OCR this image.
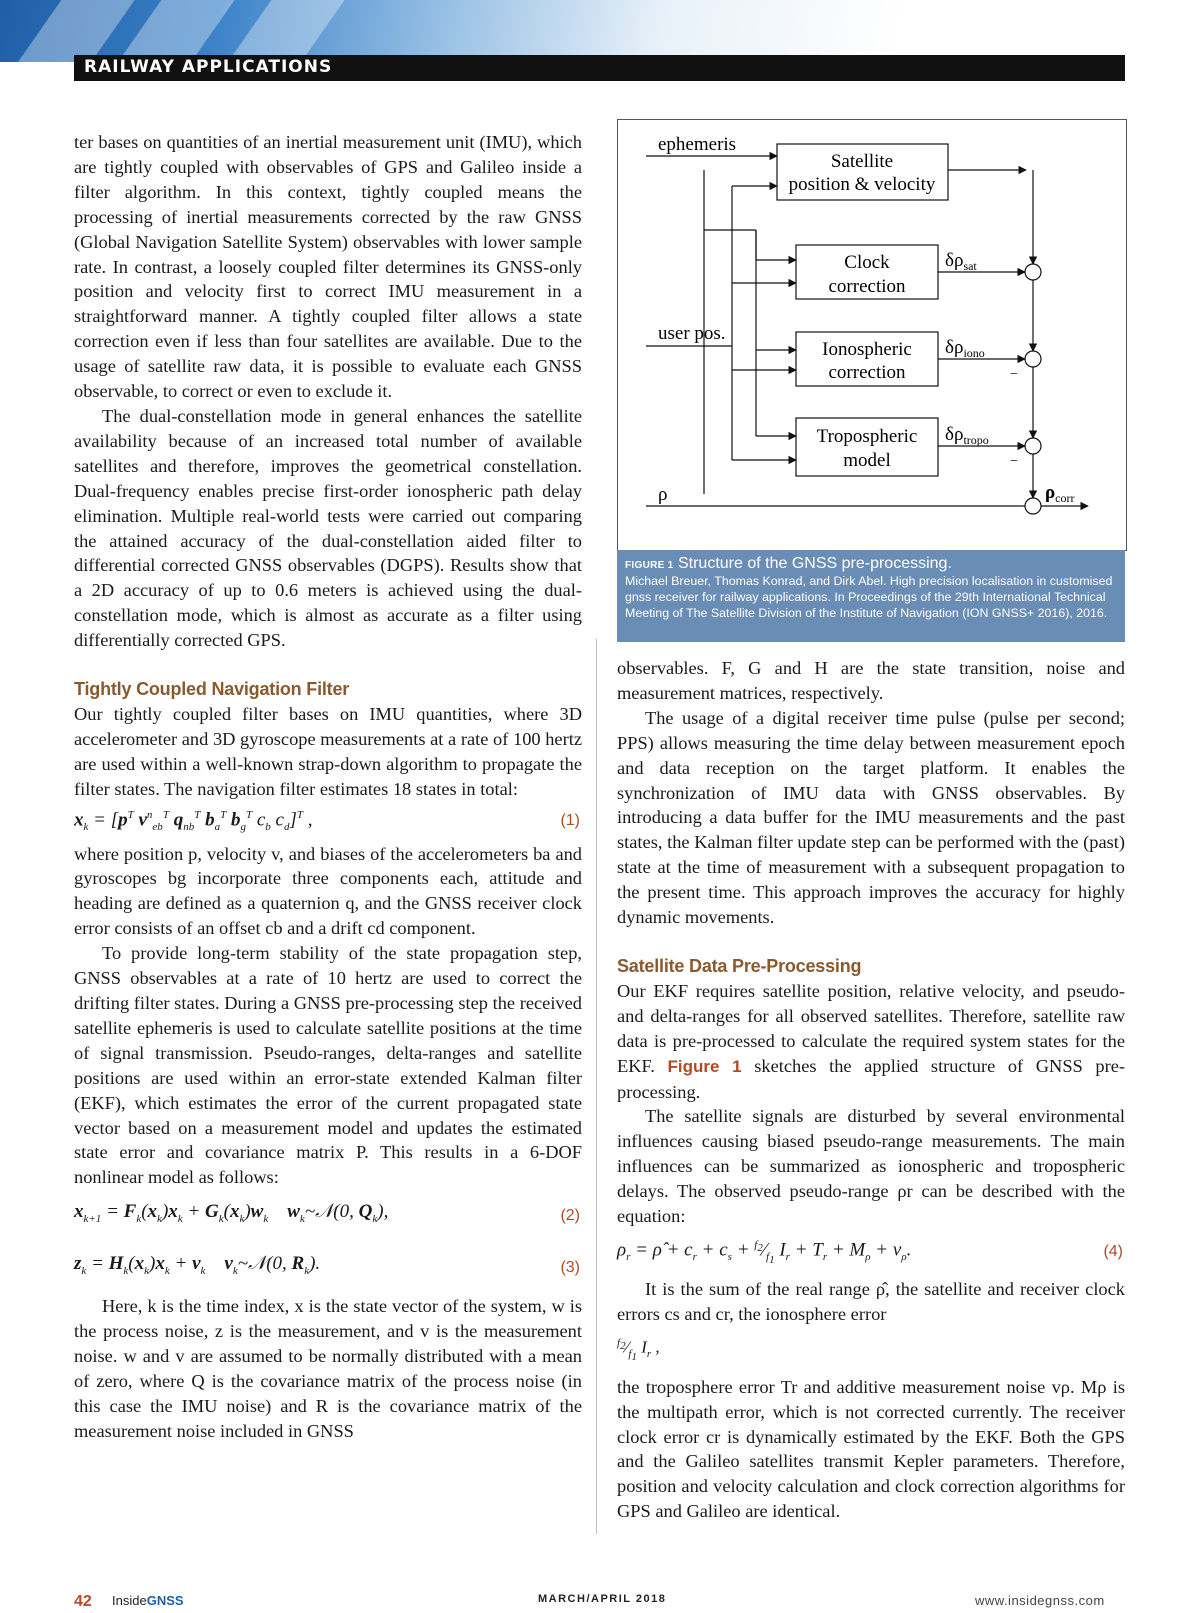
RAILWAY APPLICATIONS

ter bases on quantities of an inertial measurement unit (IMU), which are tightly coupled with observables of GPS and Galileo inside a filter algorithm. In this context, tightly coupled means the processing of inertial measurements corrected by the raw GNSS (Global Navigation Satellite System) observables with lower sample rate. In contrast, a loosely coupled filter determines its GNSS-only position and velocity first to correct IMU measurement in a straightforward manner. A tightly coupled filter allows a state correction even if less than four satellites are available. Due to the usage of satellite raw data, it is possible to evaluate each GNSS observable, to correct or even to exclude it.

The dual-constellation mode in general enhances the satellite availability because of an increased total number of available satellites and therefore, improves the geometrical constellation. Dual-frequency enables precise first-order ionospheric path delay elimination. Multiple real-world tests were carried out comparing the attained accuracy of the dual-constellation aided filter to differential corrected GNSS observables (DGPS). Results show that a 2D accuracy of up to 0.6 meters is achieved using the dual-constellation mode, which is almost as accurate as a filter using differentially corrected GPS.

Tightly Coupled Navigation Filter

Our tightly coupled filter bases on IMU quantities, where 3D accelerometer and 3D gyroscope measurements at a rate of 100 hertz are used within a well-known strap-down algorithm to propagate the filter states. The navigation filter estimates 18 states in total:

$x_k = [p^T$ $v^n_{eb}^T$ $q_{nb}^T$ $b_a^T$ $b_g^T$ $c_b$ $c_d]^T$ ,	(1)

where position p, velocity v, and biases of the accelerometers ba and gyroscopes bg incorporate three components each, attitude and heading are defined as a quaternion q, and the GNSS receiver clock error consists of an offset cb and a drift cd component.

To provide long-term stability of the state propagation step, GNSS observables at a rate of 10 hertz are used to correct the drifting filter states. During a GNSS pre-processing step the received satellite ephemeris is used to calculate satellite positions at the time of signal transmission. Pseudo-ranges, delta-ranges and satellite positions are used within an error-state extended Kalman filter (EKF), which estimates the error of the current propagated state vector based on a measurement model and updates the estimated state error and covariance matrix P. This results in a 6-DOF nonlinear model as follows:

$x_{k+1} = F_k(x_k)x_k + G_k(x_k)w_k$ $w_k\sim 𝒩(0$, $Q_k$),	(2)
$z_k = H_k(x_k)x_k + v_k$ $v_k\sim 𝒩(0$, $R_k$).	(3)

Here, k is the time index, x is the state vector of the system, w is the process noise, z is the measurement, and v is the measurement noise. w and v are assumed to be normally distributed with a mean of zero, where Q is the covariance matrix of the process noise (in this case the IMU noise) and R is the covariance matrix of the measurement noise included in GNSS

ephemeris
Satellite
position & velocity
Clock
correction
Ionospheric
correction
Tropospheric
model
user pos.
ρ
$\delta\rho_{sat}$
$\delta\rho_{iono}$
$\delta\rho_{tropo}$
−
−
$\rho_{corr}$
FIGURE 1 Structure of the GNSS pre-processing.
Michael Breuer, Thomas Konrad, and Dirk Abel. High precision localisation in customised gnss receiver for railway applications. In Proceedings of the 29th International Technical Meeting of The Satellite Division of the Institute of Navigation (ION GNSS+ 2016), 2016.

observables. F, G and H are the state transition, noise and measurement matrices, respectively.

The usage of a digital receiver time pulse (pulse per second; PPS) allows measuring the time delay between measurement epoch and data reception on the target platform. It enables the synchronization of IMU data with GNSS observables. By introducing a data buffer for the IMU measurements and the past states, the Kalman filter update step can be performed with the (past) state at the time of measurement with a subsequent propagation to the present time. This approach improves the accuracy for highly dynamic movements.

Satellite Data Pre-Processing

Our EKF requires satellite position, relative velocity, and pseudo- and delta-ranges for all observed satellites. Therefore, satellite raw data is pre-processed to calculate the required system states for the EKF. Figure 1 sketches the applied structure of GNSS pre-processing.

The satellite signals are disturbed by several environmental influences causing biased pseudo-range measurements. The main influences can be summarized as ionospheric and tropospheric delays. The observed pseudo-range ρr can be described with the equation:

$\rho_r$ = ρ̂ + $c_r + c_s$ + $^{f_2}⁄_{f_1}$ $I_r + T_r + M_\rho + \nu_\rho$.	(4)

It is the sum of the real range ρ̂, the satellite and receiver clock errors cs and cr, the ionosphere error

$^{f_2}⁄_{f_1}$ $I_r$ ,

the troposphere error Tr and additive measurement noise vρ. Mρ is the multipath error, which is not corrected currently. The receiver clock error cr is dynamically estimated by the EKF. Both the GPS and the Galileo satellites transmit Kepler parameters. Therefore, position and velocity calculation and clock correction algorithms for GPS and Galileo are identical.

42 InsideGNSS	MARCH/APRIL 2018	www.insidegnss.com
